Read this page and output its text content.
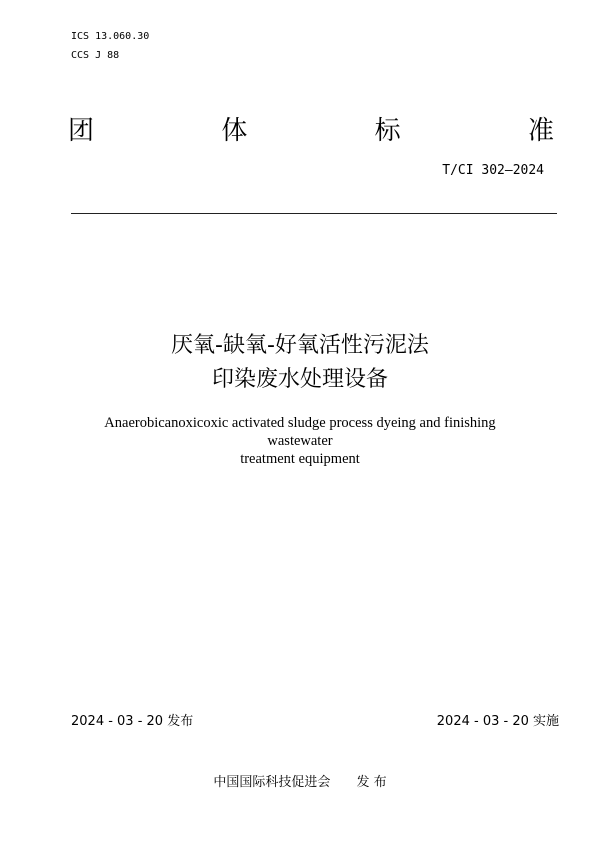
ICS 13.060.30
CCS J 88
团	体	标	准
T/CI 302—2024
厌氧-缺氧-好氧活性污泥法
印染废水处理设备
Anaerobicanoxicoxic activated sludge process dyeing and finishing wastewater
treatment equipment
2024 - 03 - 20 发布	2024 - 03 - 20 实施
中国国际科技促进会 发 布
